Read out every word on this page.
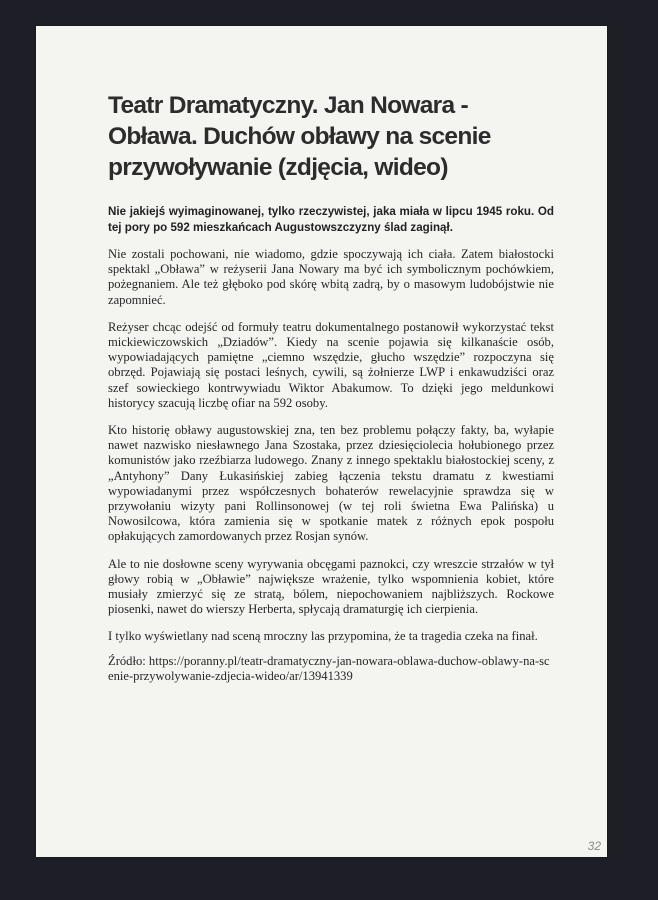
Teatr Dramatyczny. Jan Nowara - Obława. Duchów obławy na scenie przywoływanie (zdjęcia, wideo)

Nie jakiejś wyimaginowanej, tylko rzeczywistej, jaka miała w lipcu 1945 roku. Od tej pory po 592 mieszkańcach Augustowszczyzny ślad zaginął.

Nie zostali pochowani, nie wiadomo, gdzie spoczywają ich ciała. Zatem białostocki spektakl „Obława” w reżyserii Jana Nowary ma być ich symbolicznym pochówkiem, pożegnaniem. Ale też głęboko pod skórę wbitą zadrą, by o masowym ludobójstwie nie zapomnieć.

Reżyser chcąc odejść od formuły teatru dokumentalnego postanowił wykorzystać tekst mickiewiczowskich „Dziadów”. Kiedy na scenie pojawia się kilkanaście osób, wypowiadających pamiętne „ciemno wszędzie, głucho wszędzie” rozpoczyna się obrzęd. Pojawiają się postaci leśnych, cywili, są żołnierze LWP i enkawudziści oraz szef sowieckiego kontrwywiadu Wiktor Abakumow. To dzięki jego meldunkowi historycy szacują liczbę ofiar na 592 osoby.

Kto historię obławy augustowskiej zna, ten bez problemu połączy fakty, ba, wyłapie nawet nazwisko niesławnego Jana Szostaka, przez dziesięciolecia hołubionego przez komunistów jako rzeźbiarza ludowego. Znany z innego spektaklu białostockiej sceny, z „Antyhony” Dany Łukasińskiej zabieg łączenia tekstu dramatu z kwestiami wypowiadanymi przez współczesnych bohaterów rewelacyjnie sprawdza się w przywołaniu wizyty pani Rollinsonowej (w tej roli świetna Ewa Palińska) u Nowosilcowa, która zamienia się w spotkanie matek z różnych epok pospołu opłakujących zamordowanych przez Rosjan synów.

Ale to nie dosłowne sceny wyrywania obcęgami paznokci, czy wreszcie strzałów w tył głowy robią w „Obławie” największe wrażenie, tylko wspomnienia kobiet, które musiały zmierzyć się ze stratą, bólem, niepochowaniem najbliższych. Rockowe piosenki, nawet do wierszy Herberta, spłycają dramaturgię ich cierpienia.

I tylko wyświetlany nad sceną mroczny las przypomina, że ta tragedia czeka na finał.

Źródło: https://poranny.pl/teatr-dramatyczny-jan-nowara-oblawa-duchow-oblawy-na-scenie-przywolywanie-zdjecia-wideo/ar/13941339

32
